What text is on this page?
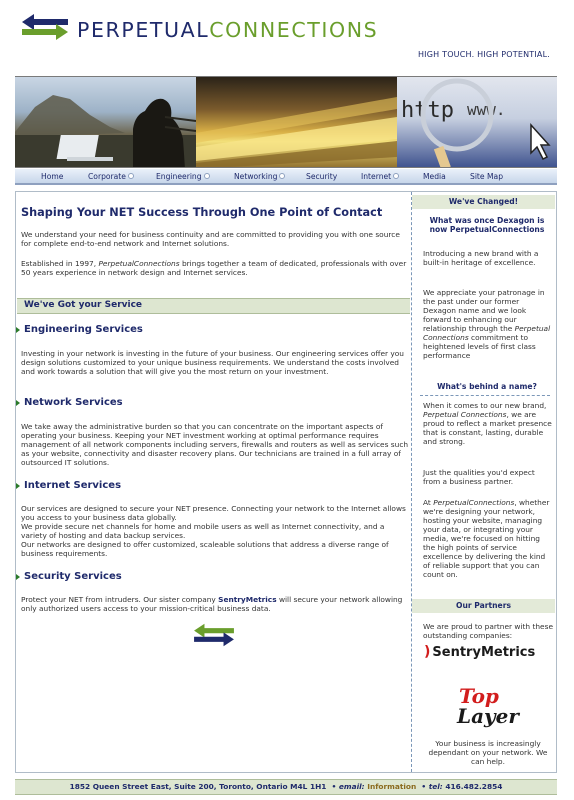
PERPETUALCONNECTIONS
HIGH TOUCH. HIGH POTENTIAL.
http www.
Home	Corporate	Engineering	Networking	Security	Internet	Media	Site Map
Shaping Your NET Success Through One Point of Contact
We understand your need for business continuity and are committed to providing you with one source for complete end-to-end network and Internet solutions.
Established in 1997, PerpetualConnections brings together a team of dedicated, professionals with over 50 years experience in network design and Internet services.
We've Got your Service
Engineering Services
Investing in your network is investing in the future of your business. Our engineering services offer you design solutions customized to your unique business requirements. We understand the costs involved and work towards a solution that will give you the most return on your investment.
Network Services
We take away the administrative burden so that you can concentrate on the important aspects of operating your business. Keeping your NET investment working at optimal performance requires management of all network components including servers, firewalls and routers as well as services such as your website, connectivity and disaster recovery plans. Our technicians are trained in a full array of outsourced IT solutions.
Internet Services
Our services are designed to secure your NET presence. Connecting your network to the Internet allows you access to your business data globally.
We provide secure net channels for home and mobile users as well as Internet connectivity, and a variety of hosting and data backup services.
Our networks are designed to offer customized, scaleable solutions that address a diverse range of business requirements.
Security Services
Protect your NET from intruders. Our sister company SentryMetrics will secure your network allowing only authorized users access to your mission-critical business data.
We've Changed!
What was once Dexagon is now PerpetualConnections
Introducing a new brand with a built-in heritage of excellence.
We appreciate your patronage in the past under our former Dexagon name and we look forward to enhancing our relationship through the Perpetual Connections commitment to heightened levels of first class performance
What's behind a name?
When it comes to our new brand, Perpetual Connections, we are proud to reflect a market presence that is constant, lasting, durable and strong.
Just the qualities you'd expect from a business partner.
At PerpetualConnections, whether we're designing your network, hosting your website, managing your data, or integrating your media, we're focused on hitting the high points of service excellence by delivering the kind of reliable support that you can count on.
Our Partners
We are proud to partner with these outstanding companies:
) SentryMetrics
Top
Layer
Your business is increasingly dependant on your network. We can help.
1852 Queen Street East, Suite 200, Toronto, Ontario M4L 1H1  • email: Information  • tel: 416.482.2854
